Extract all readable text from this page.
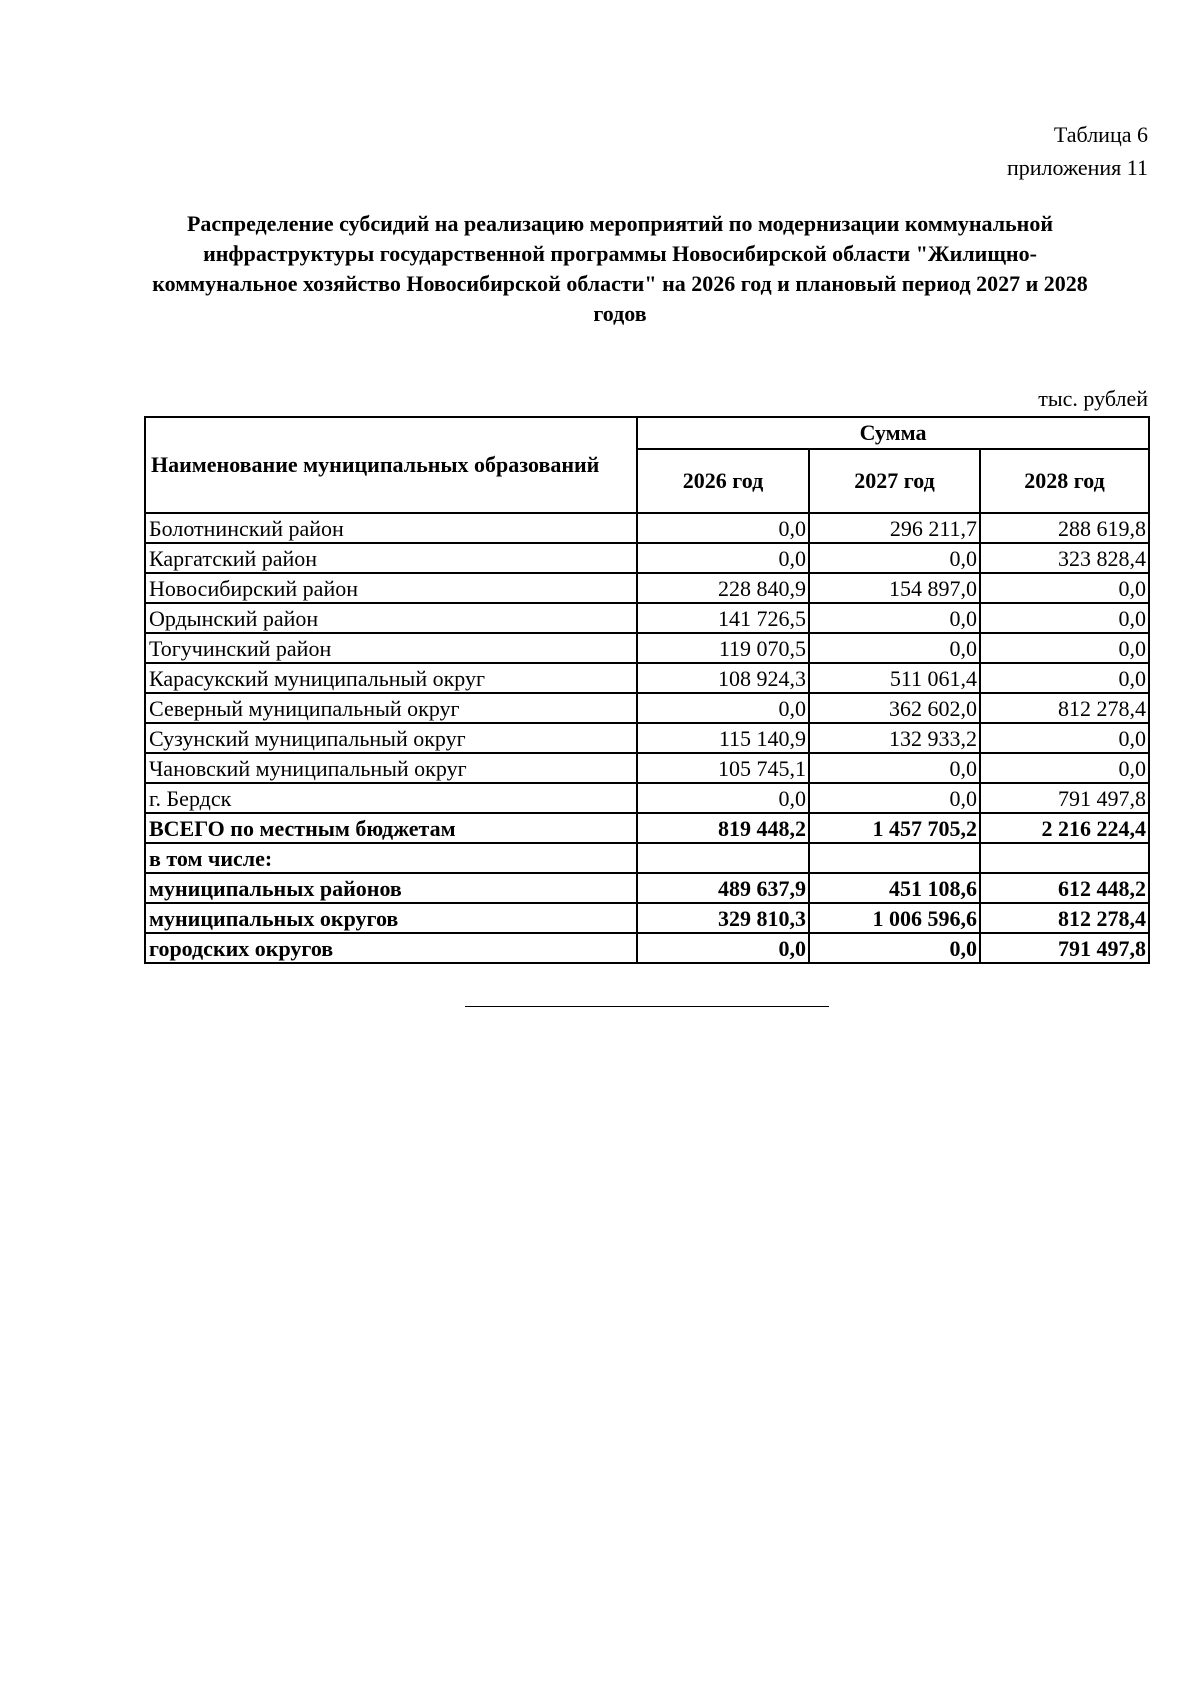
Таблица 6
приложения 11
Распределение субсидий на реализацию мероприятий по модернизации коммунальной инфраструктуры государственной программы Новосибирской области "Жилищно-коммунальное хозяйство Новосибирской области" на 2026 год и плановый период 2027 и 2028 годов
тыс. рублей
Наименование муниципальных образований	Сумма		
	2026 год	2027 год	2028 год
Болотнинский район	0,0	296 211,7	288 619,8
Каргатский район	0,0	0,0	323 828,4
Новосибирский район	228 840,9	154 897,0	0,0
Ордынский район	141 726,5	0,0	0,0
Тогучинский район	119 070,5	0,0	0,0
Карасукский муниципальный округ	108 924,3	511 061,4	0,0
Северный муниципальный округ	0,0	362 602,0	812 278,4
Сузунский муниципальный округ	115 140,9	132 933,2	0,0
Чановский муниципальный округ	105 745,1	0,0	0,0
г. Бердск	0,0	0,0	791 497,8
ВСЕГО по местным бюджетам	819 448,2	1 457 705,2	2 216 224,4
в том числе:			
муниципальных районов	489 637,9	451 108,6	612 448,2
муниципальных округов	329 810,3	1 006 596,6	812 278,4
городских округов	0,0	0,0	791 497,8
